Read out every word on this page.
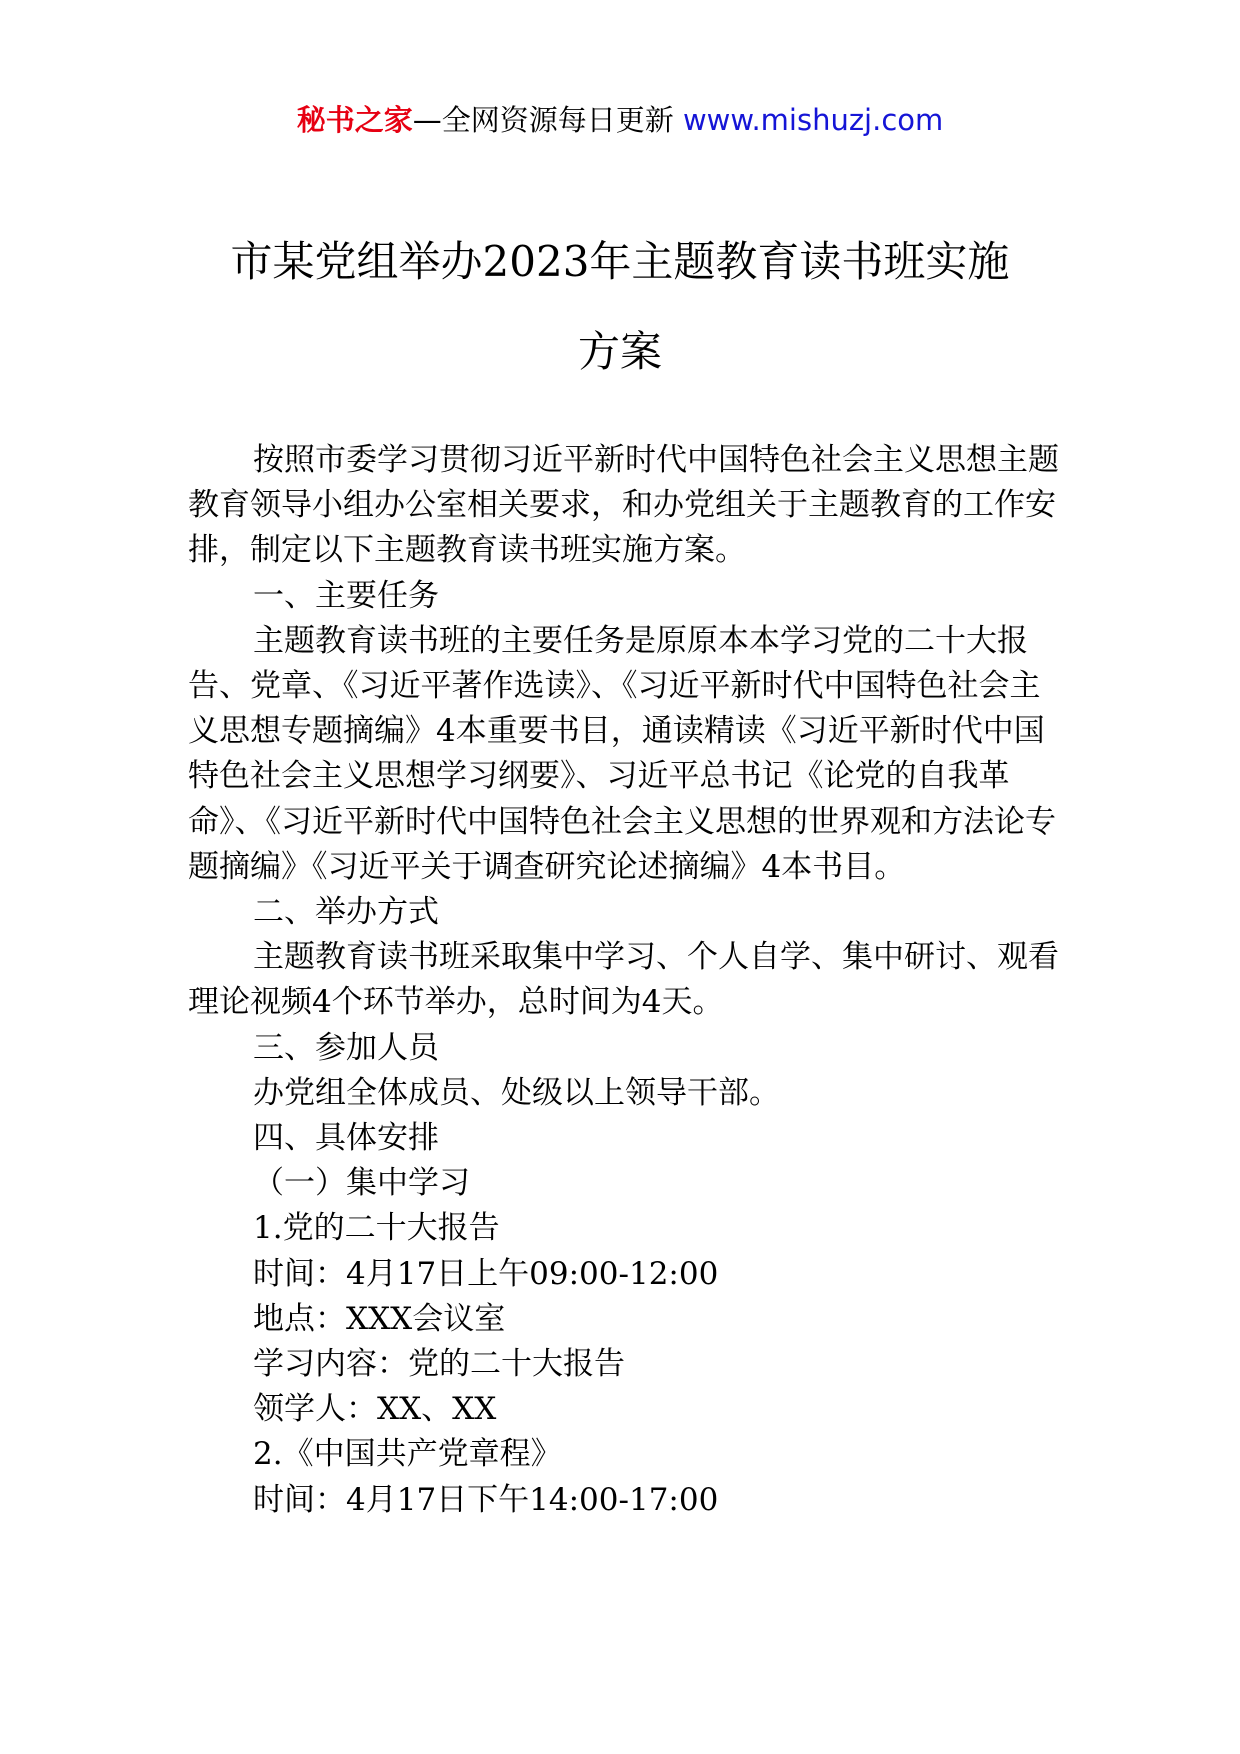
秘书之家—全网资源每日更新 www.mishuzj.com
市某党组举办2023年主题教育读书班实施
方案

按照市委学习贯彻习近平新时代中国特色社会主义思想主题教育领导小组办公室相关要求，和办党组关于主题教育的工作安排，制定以下主题教育读书班实施方案。

一、主要任务

主题教育读书班的主要任务是原原本本学习党的二十大报告、党章、《习近平著作选读》、《习近平新时代中国特色社会主义思想专题摘编》4本重要书目，通读精读《习近平新时代中国特色社会主义思想学习纲要》、习近平总书记《论党的自我革命》、《习近平新时代中国特色社会主义思想的世界观和方法论专题摘编》《习近平关于调查研究论述摘编》4本书目。

二、举办方式

主题教育读书班采取集中学习、个人自学、集中研讨、观看理论视频4个环节举办，总时间为4天。

三、参加人员

办党组全体成员、处级以上领导干部。

四、具体安排

（一）集中学习

1.党的二十大报告

时间：4月17日上午09:00-12:00

地点：XXX会议室

学习内容：党的二十大报告

领学人：XX、XX

2.《中国共产党章程》

时间：4月17日下午14:00-17:00
